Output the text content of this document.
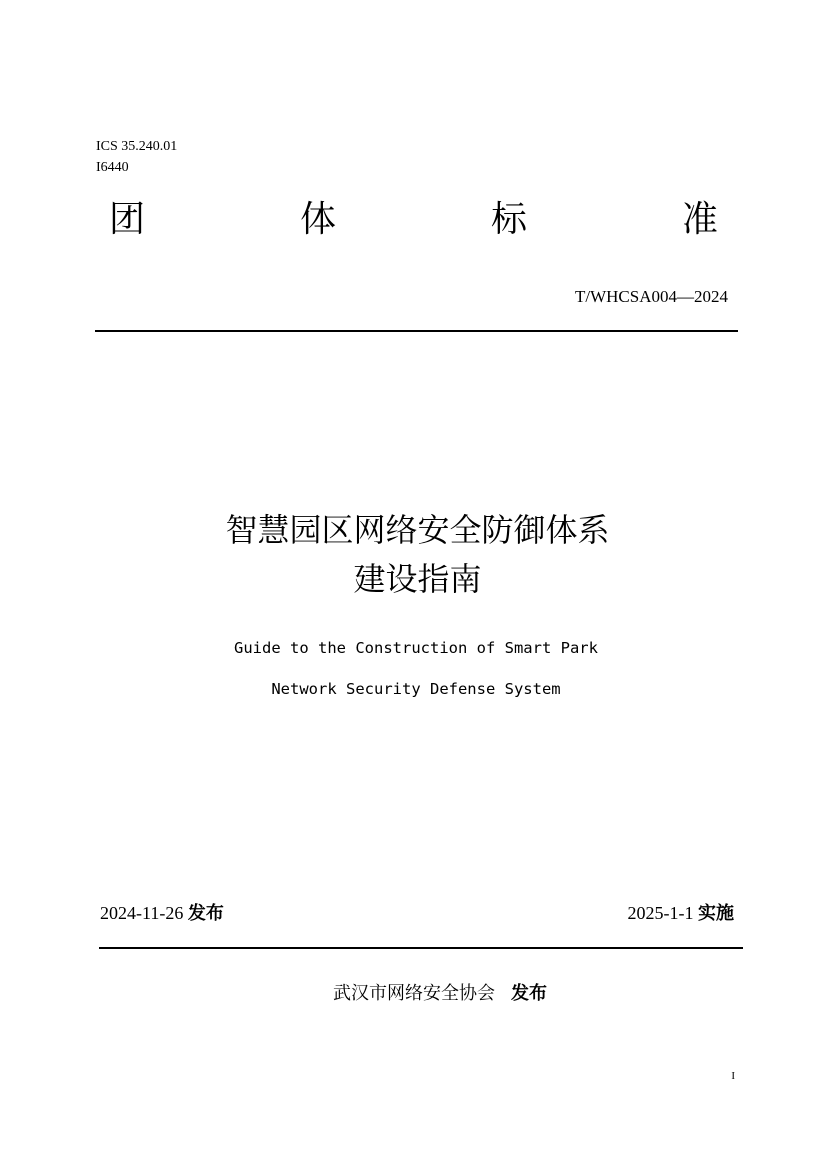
ICS 35.240.01
I6440
团	体	标	准
T/WHCSA004—2024
智慧园区网络安全防御体系
建设指南
Guide to the Construction of Smart Park
Network Security Defense System
2024-11-26 发布	2025-1-1 实施
武汉市网络安全协会 发布
I
